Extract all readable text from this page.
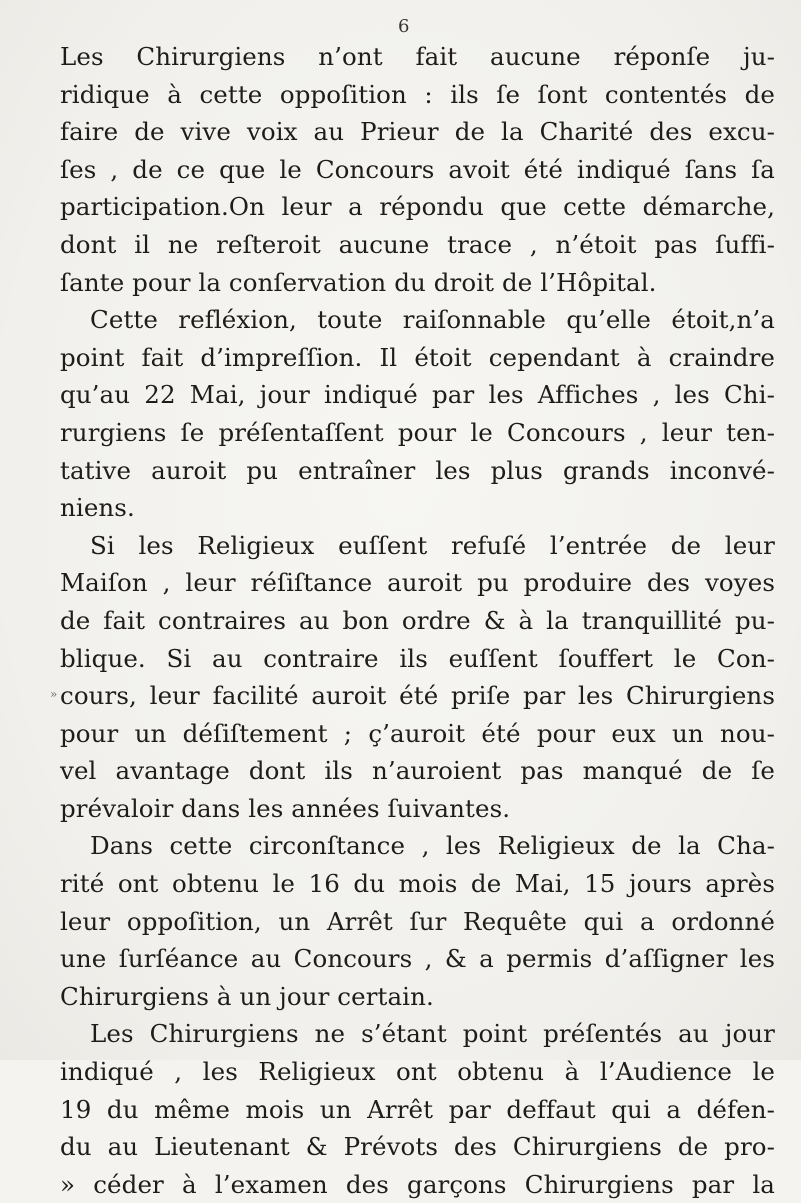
6
Les Chirurgiens n’ont fait aucune réponſe ju-
ridique à cette oppoſition : ils ſe ſont contentés de
faire de vive voix au Prieur de la Charité des excu-
ſes , de ce que le Concours avoit été indiqué ſans ſa
participation.On leur a répondu que cette démarche,
dont il ne reſteroit aucune trace , n’étoit pas ſuffi-
ſante pour la conſervation du droit de l’Hôpital.
Cette refléxion, toute raiſonnable qu’elle étoit,n’a
point fait d’impreſſion. Il étoit cependant à craindre
qu’au 22 Mai, jour indiqué par les Affiches , les Chi-
rurgiens ſe préſentaſſent pour le Concours , leur ten-
tative auroit pu entraîner les plus grands inconvé-
niens.
Si les Religieux euſſent refuſé l’entrée de leur
Maiſon , leur réſiſtance auroit pu produire des voyes
de fait contraires au bon ordre & à la tranquillité pu-
blique. Si au contraire ils euſſent ſouffert le Con-
cours, leur facilité auroit été priſe par les Chirurgiens
pour un déſiſtement ; ç’auroit été pour eux un nou-
vel avantage dont ils n’auroient pas manqué de ſe
prévaloir dans les années ſuivantes.
Dans cette circonſtance , les Religieux de la Cha-
rité ont obtenu le 16 du mois de Mai, 15 jours après
leur oppoſition, un Arrêt ſur Requête qui a ordonné
une ſurſéance au Concours , & a permis d’aſſigner les
Chirurgiens à un jour certain.
Les Chirurgiens ne s’étant point préſentés au jour
indiqué , les Religieux ont obtenu à l’Audience le
19 du même mois un Arrêt par deffaut qui a défen-
du au Lieutenant & Prévots des Chirurgiens de pro-
» céder à l’examen des garçons Chirurgiens par la
»
